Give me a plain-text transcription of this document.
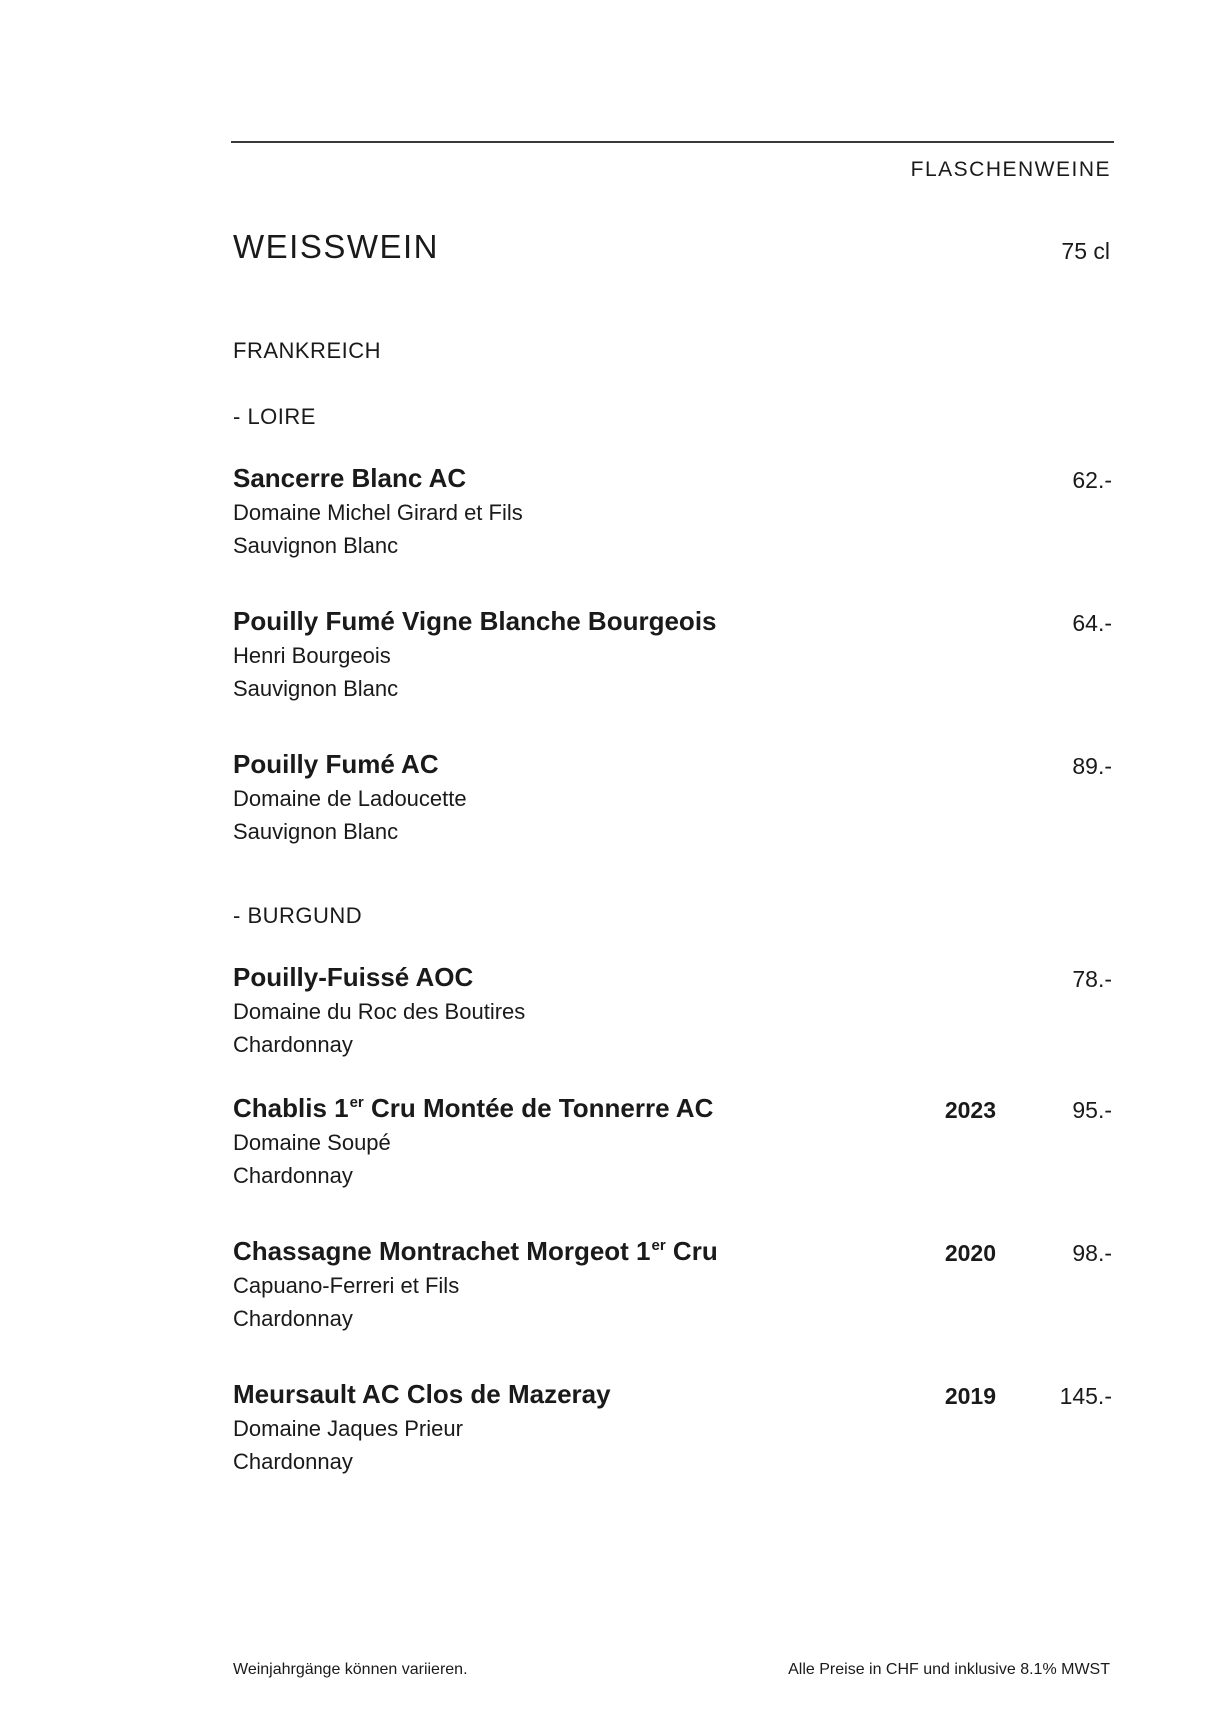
FLASCHENWEINE
WEISSWEIN	75 cl
FRANKREICH
- LOIRE
Sancerre Blanc AC
Domaine Michel Girard et Fils
Sauvignon Blanc
62.-
Pouilly Fumé Vigne Blanche Bourgeois
Henri Bourgeois
Sauvignon Blanc
64.-
Pouilly Fumé AC
Domaine de Ladoucette
Sauvignon Blanc
89.-
- BURGUND
Pouilly-Fuissé AOC
Domaine du Roc des Boutires
Chardonnay
78.-
Chablis 1er Cru Montée de Tonnerre AC
Domaine Soupé
Chardonnay
2023	95.-
Chassagne Montrachet Morgeot 1er Cru
Capuano-Ferreri et Fils
Chardonnay
2020	98.-
Meursault AC Clos de Mazeray
Domaine Jaques Prieur
Chardonnay
2019	145.-
Weinjahrgänge können variieren.	Alle Preise in CHF und inklusive 8.1% MWST
